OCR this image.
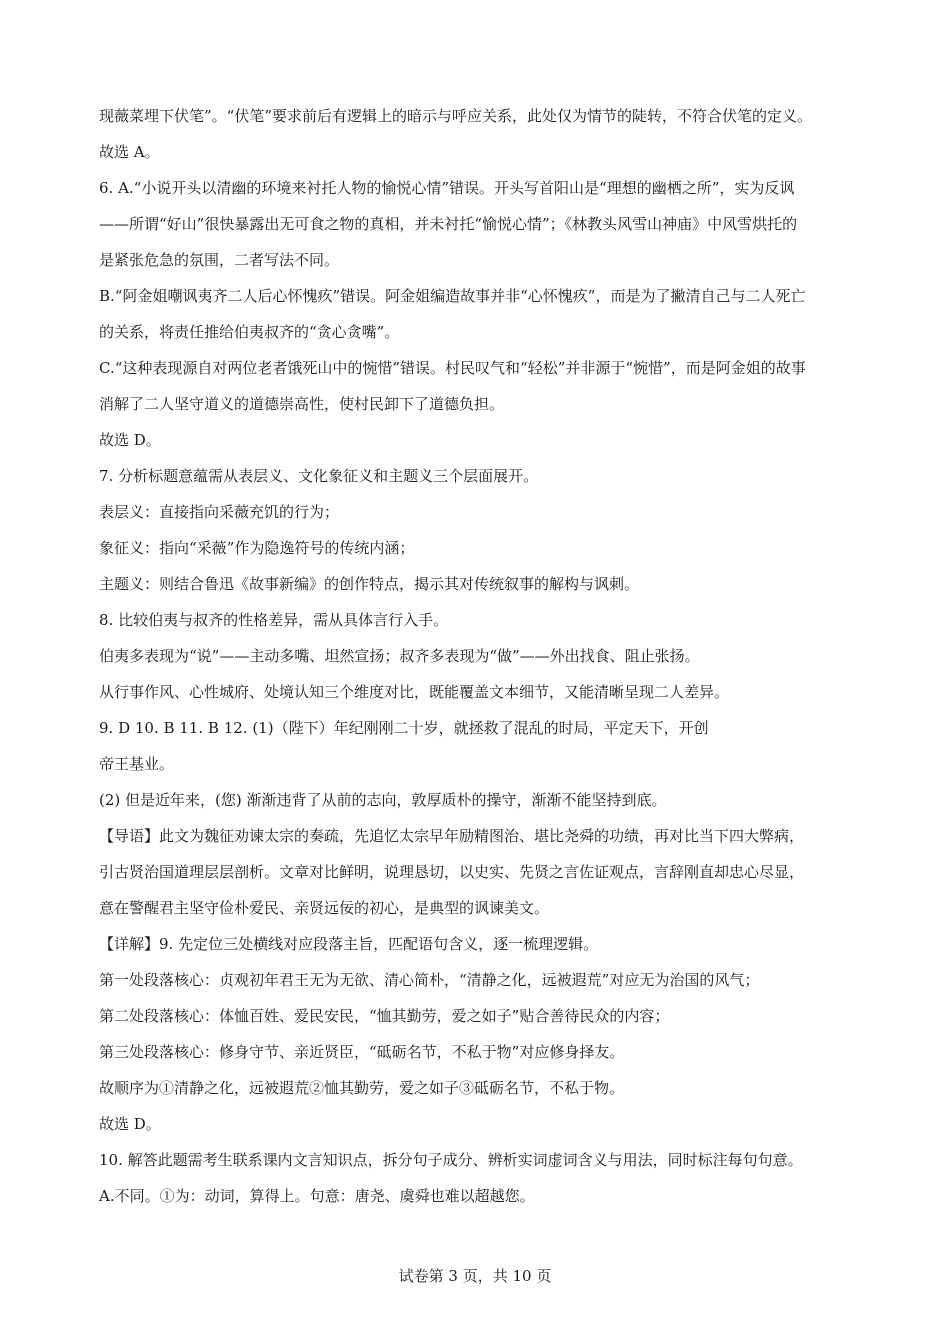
现薇菜埋下伏笔”。“伏笔”要求前后有逻辑上的暗示与呼应关系，此处仅为情节的陡转，不符合伏笔的定义。
故选 A。
6. A.“小说开头以清幽的环境来衬托人物的愉悦心情”错误。开头写首阳山是“理想的幽栖之所”，实为反讽
——所谓“好山”很快暴露出无可食之物的真相，并未衬托“愉悦心情”；《林教头风雪山神庙》中风雪烘托的
是紧张危急的氛围，二者写法不同。
B.“阿金姐嘲讽夷齐二人后心怀愧疚”错误。阿金姐编造故事并非“心怀愧疚”，而是为了撇清自己与二人死亡
的关系，将责任推给伯夷叔齐的“贪心贪嘴”。
C.“这种表现源自对两位老者饿死山中的惋惜”错误。村民叹气和“轻松”并非源于“惋惜”，而是阿金姐的故事
消解了二人坚守道义的道德崇高性，使村民卸下了道德负担。
故选 D。
7. 分析标题意蕴需从表层义、文化象征义和主题义三个层面展开。
表层义：直接指向采薇充饥的行为；
象征义：指向“采薇”作为隐逸符号的传统内涵；
主题义：则结合鲁迅《故事新编》的创作特点，揭示其对传统叙事的解构与讽刺。
8. 比较伯夷与叔齐的性格差异，需从具体言行入手。
伯夷多表现为“说”——主动多嘴、坦然宣扬；叔齐多表现为“做”——外出找食、阻止张扬。
从行事作风、心性城府、处境认知三个维度对比，既能覆盖文本细节，又能清晰呈现二人差异。
9. D 10. B 11. B 12. (1)（陛下）年纪刚刚二十岁，就拯救了混乱的时局，平定天下，开创
帝王基业。
(2) 但是近年来，(您) 渐渐违背了从前的志向，敦厚质朴的操守，渐渐不能坚持到底。
【导语】此文为魏征劝谏太宗的奏疏，先追忆太宗早年励精图治、堪比尧舜的功绩，再对比当下四大弊病，
引古贤治国道理层层剖析。文章对比鲜明，说理恳切，以史实、先贤之言佐证观点，言辞刚直却忠心尽显，
意在警醒君主坚守俭朴爱民、亲贤远佞的初心，是典型的讽谏美文。
【详解】9. 先定位三处横线对应段落主旨，匹配语句含义，逐一梳理逻辑。
第一处段落核心：贞观初年君王无为无欲、清心简朴，“清静之化，远被遐荒”对应无为治国的风气；
第二处段落核心：体恤百姓、爱民安民，“恤其勤劳，爱之如子”贴合善待民众的内容；
第三处段落核心：修身守节、亲近贤臣，“砥砺名节，不私于物”对应修身择友。
故顺序为①清静之化，远被遐荒②恤其勤劳，爱之如子③砥砺名节，不私于物。
故选 D。
10. 解答此题需考生联系课内文言知识点，拆分句子成分、辨析实词虚词含义与用法，同时标注每句句意。
A.不同。①为：动词，算得上。句意：唐尧、虞舜也难以超越您。
试卷第 3 页，共 10 页
